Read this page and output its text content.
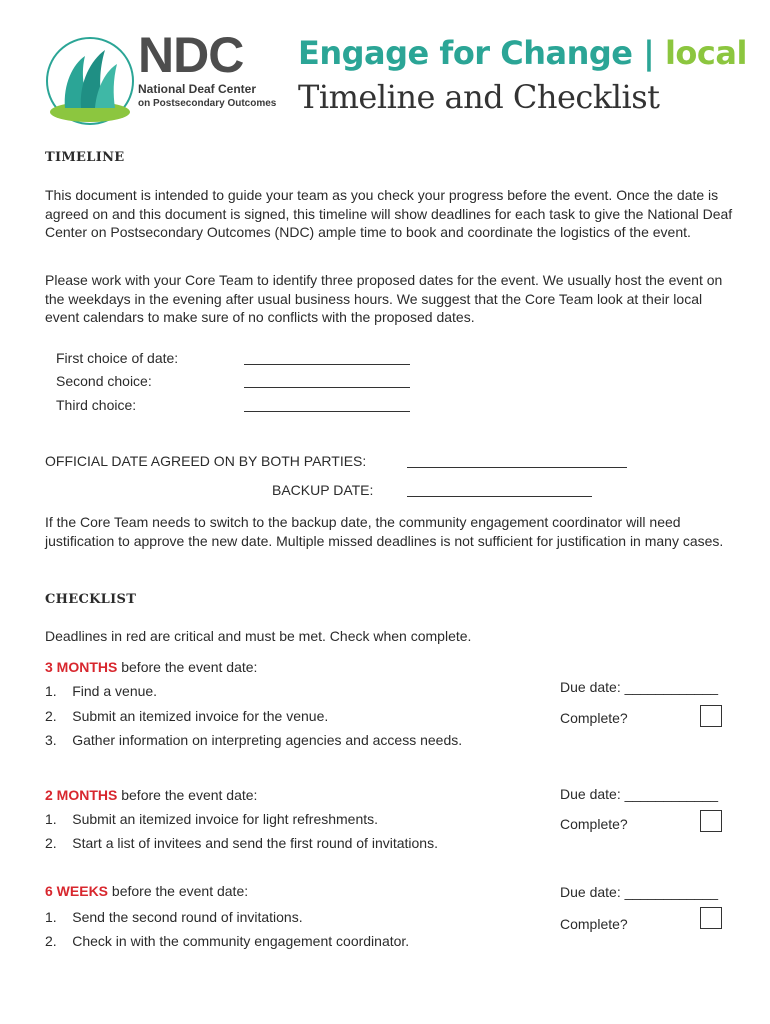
NDC
National Deaf Center
on Postsecondary Outcomes
Engage for Change | local
Timeline and Checklist
TIMELINE
This document is intended to guide your team as you check your progress before the event. Once the date is agreed on and this document is signed, this timeline will show deadlines for each task to give the National Deaf Center on Postsecondary Outcomes (NDC) ample time to book and coordinate the logistics of the event.
Please work with your Core Team to identify three proposed dates for the event. We usually host the event on the weekdays in the evening after usual business hours. We suggest that the Core Team look at their local event calendars to make sure of no conflicts with the proposed dates.
First choice of date:
Second choice:
Third choice:
OFFICIAL DATE AGREED ON BY BOTH PARTIES:
BACKUP DATE:
If the Core Team needs to switch to the backup date, the community engagement coordinator will need justification to approve the new date. Multiple missed deadlines is not sufficient for justification in many cases.
CHECKLIST
Deadlines in red are critical and must be met. Check when complete.
3 MONTHS before the event date:
1.    Find a venue.
2.    Submit an itemized invoice for the venue.
3.    Gather information on interpreting agencies and access needs.
Due date: ____________
Complete?
2 MONTHS before the event date:
1.    Submit an itemized invoice for light refreshments.
2.    Start a list of invitees and send the first round of invitations.
Due date: ____________
Complete?
6 WEEKS before the event date:
1.    Send the second round of invitations.
2.    Check in with the community engagement coordinator.
Due date: ____________
Complete?
